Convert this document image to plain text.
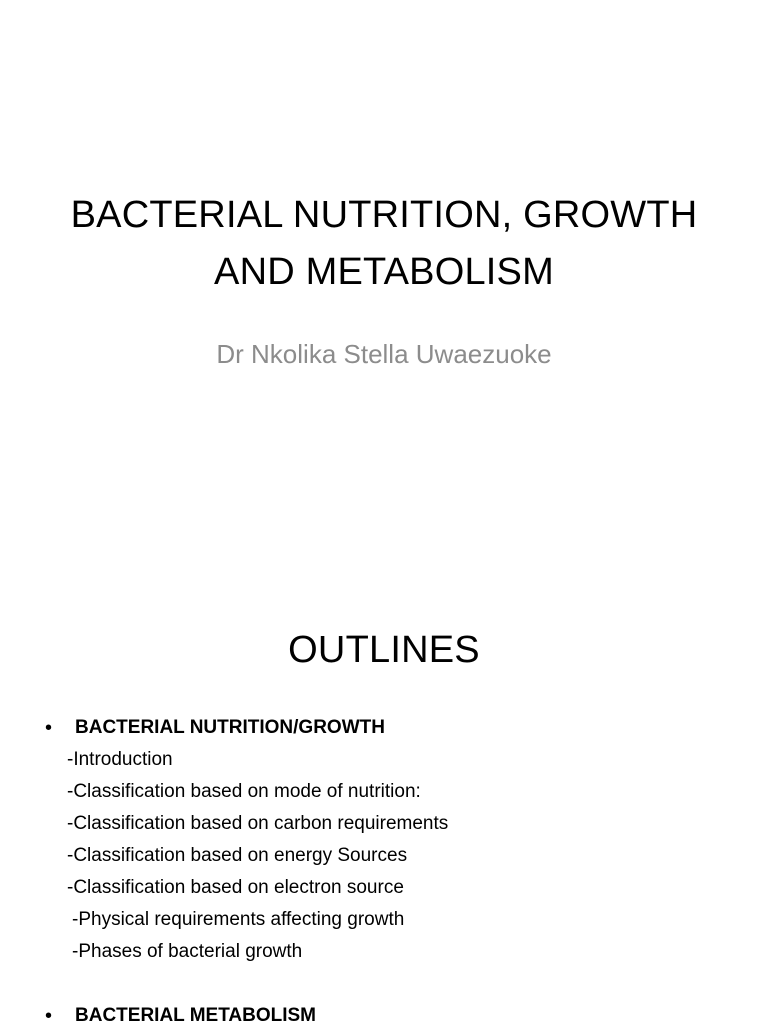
BACTERIAL NUTRITION, GROWTH
AND METABOLISM
Dr Nkolika Stella Uwaezuoke
OUTLINES
• BACTERIAL NUTRITION/GROWTH
-Introduction
-Classification based on mode of nutrition:
-Classification based on carbon requirements
-Classification based on energy Sources
-Classification based on electron source
-Physical requirements affecting growth
-Phases of bacterial growth
• BACTERIAL METABOLISM
